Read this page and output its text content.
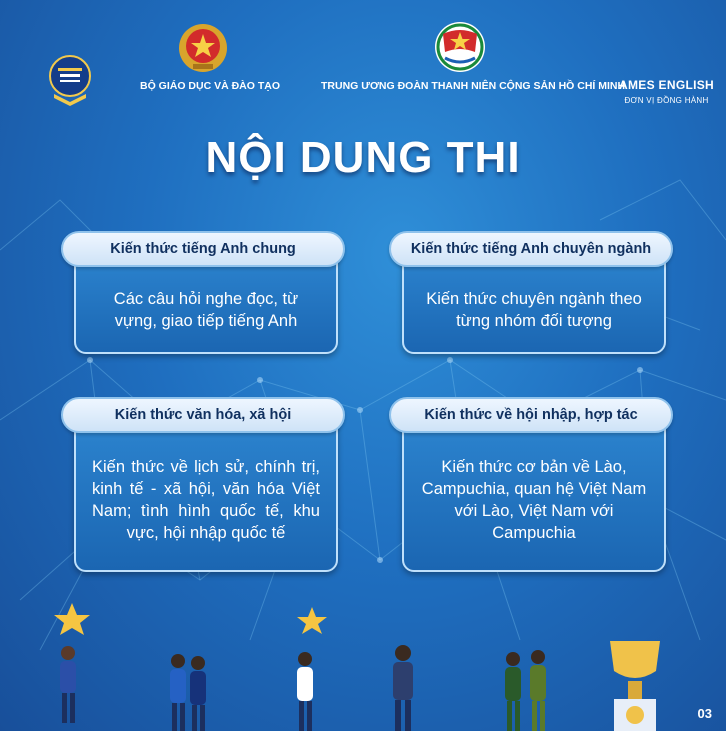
BỘ GIÁO DỤC VÀ ĐÀO TẠO	TRUNG ƯƠNG ĐOÀN THANH NIÊN CỘNG SẢN HỒ CHÍ MINH
AMES ENGLISH
ĐƠN VỊ ĐỒNG HÀNH
NỘI DUNG THI
Các câu hỏi nghe đọc, từ vựng, giao tiếp tiếng Anh
Kiến thức tiếng Anh chung
Kiến thức chuyên ngành theo từng nhóm đối tượng
Kiến thức tiếng Anh chuyên ngành
Kiến thức về lịch sử, chính trị, kinh tế - xã hội, văn hóa Việt Nam; tình hình quốc tế, khu vực, hội nhập quốc tế
Kiến thức văn hóa, xã hội
Kiến thức cơ bản về Lào, Campuchia, quan hệ Việt Nam với Lào, Việt Nam với Campuchia
Kiến thức về hội nhập, hợp tác
03
